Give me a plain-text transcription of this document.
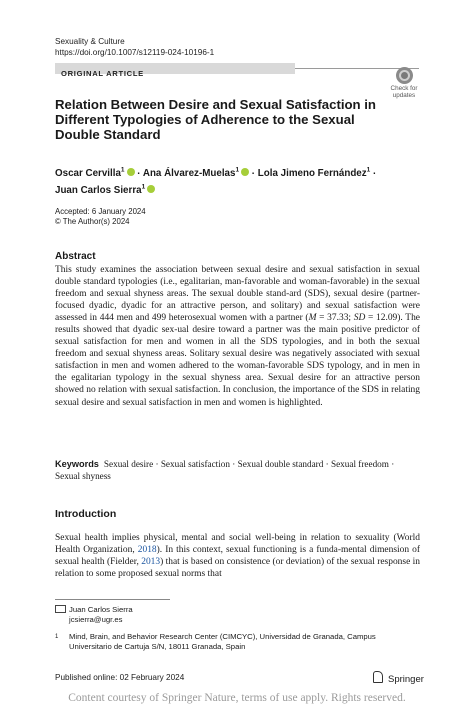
Sexuality & Culture
https://doi.org/10.1007/s12119-024-10196-1
ORIGINAL ARTICLE
Check for
updates
Relation Between Desire and Sexual Satisfaction in Different Typologies of Adherence to the Sexual Double Standard
Oscar Cervilla$^1$ · Ana Álvarez-Muelas$^1$ · Lola Jimeno Fernández$^1$ ·
Juan Carlos Sierra$^1$
Accepted: 6 January 2024
© The Author(s) 2024
Abstract
This study examines the association between sexual desire and sexual satisfaction in sexual double standard typologies (i.e., egalitarian, man-favorable and woman-favorable) in the sexual freedom and sexual shyness areas. The sexual double stand-ard (SDS), sexual desire (partner-focused dyadic, dyadic for an attractive person, and solitary) and sexual satisfaction were assessed in 444 men and 499 heterosexual women with a partner (M = 37.33; SD = 12.09). The results showed that dyadic sex-ual desire toward a partner was the main positive predictor of sexual satisfaction for men and women in all the SDS typologies, and in both the sexual freedom and sexual shyness areas. Solitary sexual desire was negatively associated with sexual satisfaction in men and women adhered to the woman-favorable SDS typology, and in men in the egalitarian typology in the sexual shyness area. Sexual desire for an attractive person showed no relation with sexual satisfaction. In conclusion, the importance of the SDS in relating sexual desire and sexual satisfaction in men and women is highlighted.
Keywords Sexual desire · Sexual satisfaction · Sexual double standard · Sexual freedom · Sexual shyness
Introduction
Sexual health implies physical, mental and social well-being in relation to sexuality (World Health Organization, 2018). In this context, sexual functioning is a funda-mental dimension of sexual health (Fielder, 2013) that is based on consistence (or deviation) of the sexual response in relation to some proposed sexual norms that
Juan Carlos Sierra
jcsierra@ugr.es
1 Mind, Brain, and Behavior Research Center (CIMCYC), Universidad de Granada, Campus Universitario de Cartuja S/N, 18011 Granada, Spain
Published online: 02 February 2024	Springer
Content courtesy of Springer Nature, terms of use apply. Rights reserved.
